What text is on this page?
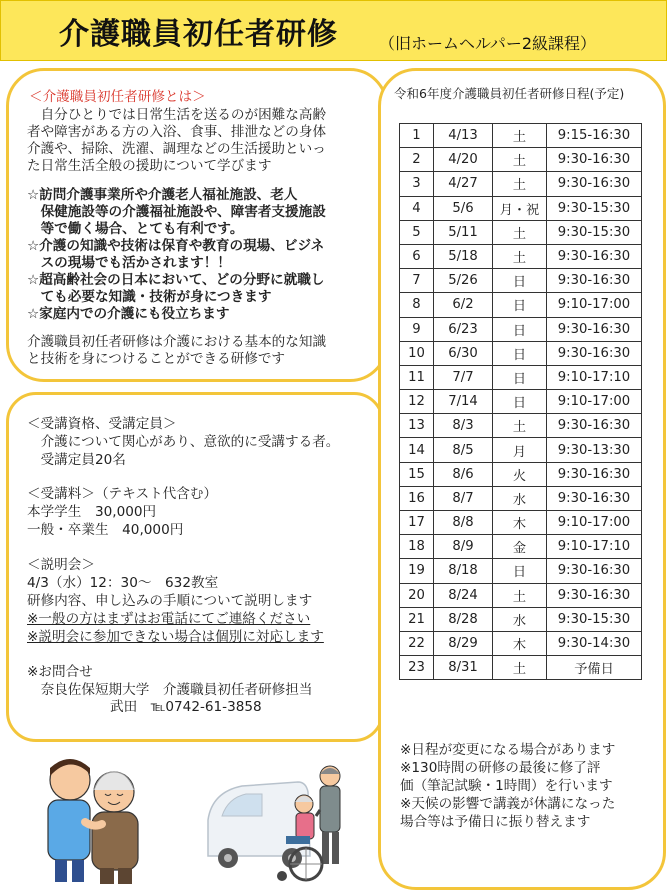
介護職員初任者研修	（旧ホームヘルパー2級課程）
＜介護職員初任者研修とは＞
　自分ひとりでは日常生活を送るのが困難な高齢
者や障害がある方の入浴、食事、排泄などの身体
介護や、掃除、洗濯、調理などの生活援助といっ
た日常生活全般の援助について学びます
☆訪問介護事業所や介護老人福祉施設、老人
　保健施設等の介護福祉施設や、障害者支援施設
　等で働く場合、とても有利です。
☆介護の知識や技術は保育や教育の現場、ビジネ
　スの現場でも活かされます！！
☆超高齢社会の日本において、どの分野に就職し
　ても必要な知識・技術が身につきます
☆家庭内での介護にも役立ちます
介護職員初任者研修は介護における基本的な知識
と技術を身につけることができる研修です
＜受講資格、受講定員＞
　介護について関心があり、意欲的に受講する者。
　受講定員20名
＜受講料＞（テキスト代含む）
本学学生　30,000円
一般・卒業生　40,000円
＜説明会＞
4/3（水）12：30～　632教室
研修内容、申し込みの手順について説明します
※一般の方はまずはお電話にてご連絡ください
※説明会に参加できない場合は個別に対応します
※お問合せ
　奈良佐保短期大学　介護職員初任者研修担当
武田　℡0742-61-3858
令和6年度介護職員初任者研修日程(予定)
1	4/13	土	9:15-16:30
2	4/20	土	9:30-16:30
3	4/27	土	9:30-16:30
4	5/6	月・祝	9:30-15:30
5	5/11	土	9:30-15:30
6	5/18	土	9:30-16:30
7	5/26	日	9:30-16:30
8	6/2	日	9:10-17:00
9	6/23	日	9:30-16:30
10	6/30	日	9:30-16:30
11	7/7	日	9:10-17:10
12	7/14	日	9:10-17:00
13	8/3	土	9:30-16:30
14	8/5	月	9:30-13:30
15	8/6	火	9:30-16:30
16	8/7	水	9:30-16:30
17	8/8	木	9:10-17:00
18	8/9	金	9:10-17:10
19	8/18	日	9:30-16:30
20	8/24	土	9:30-16:30
21	8/28	水	9:30-15:30
22	8/29	木	9:30-14:30
23	8/31	土	予備日
※日程が変更になる場合があります
※130時間の研修の最後に修了評
価（筆記試験・1時間）を行います
※天候の影響で講義が休講になった
場合等は予備日に振り替えます
